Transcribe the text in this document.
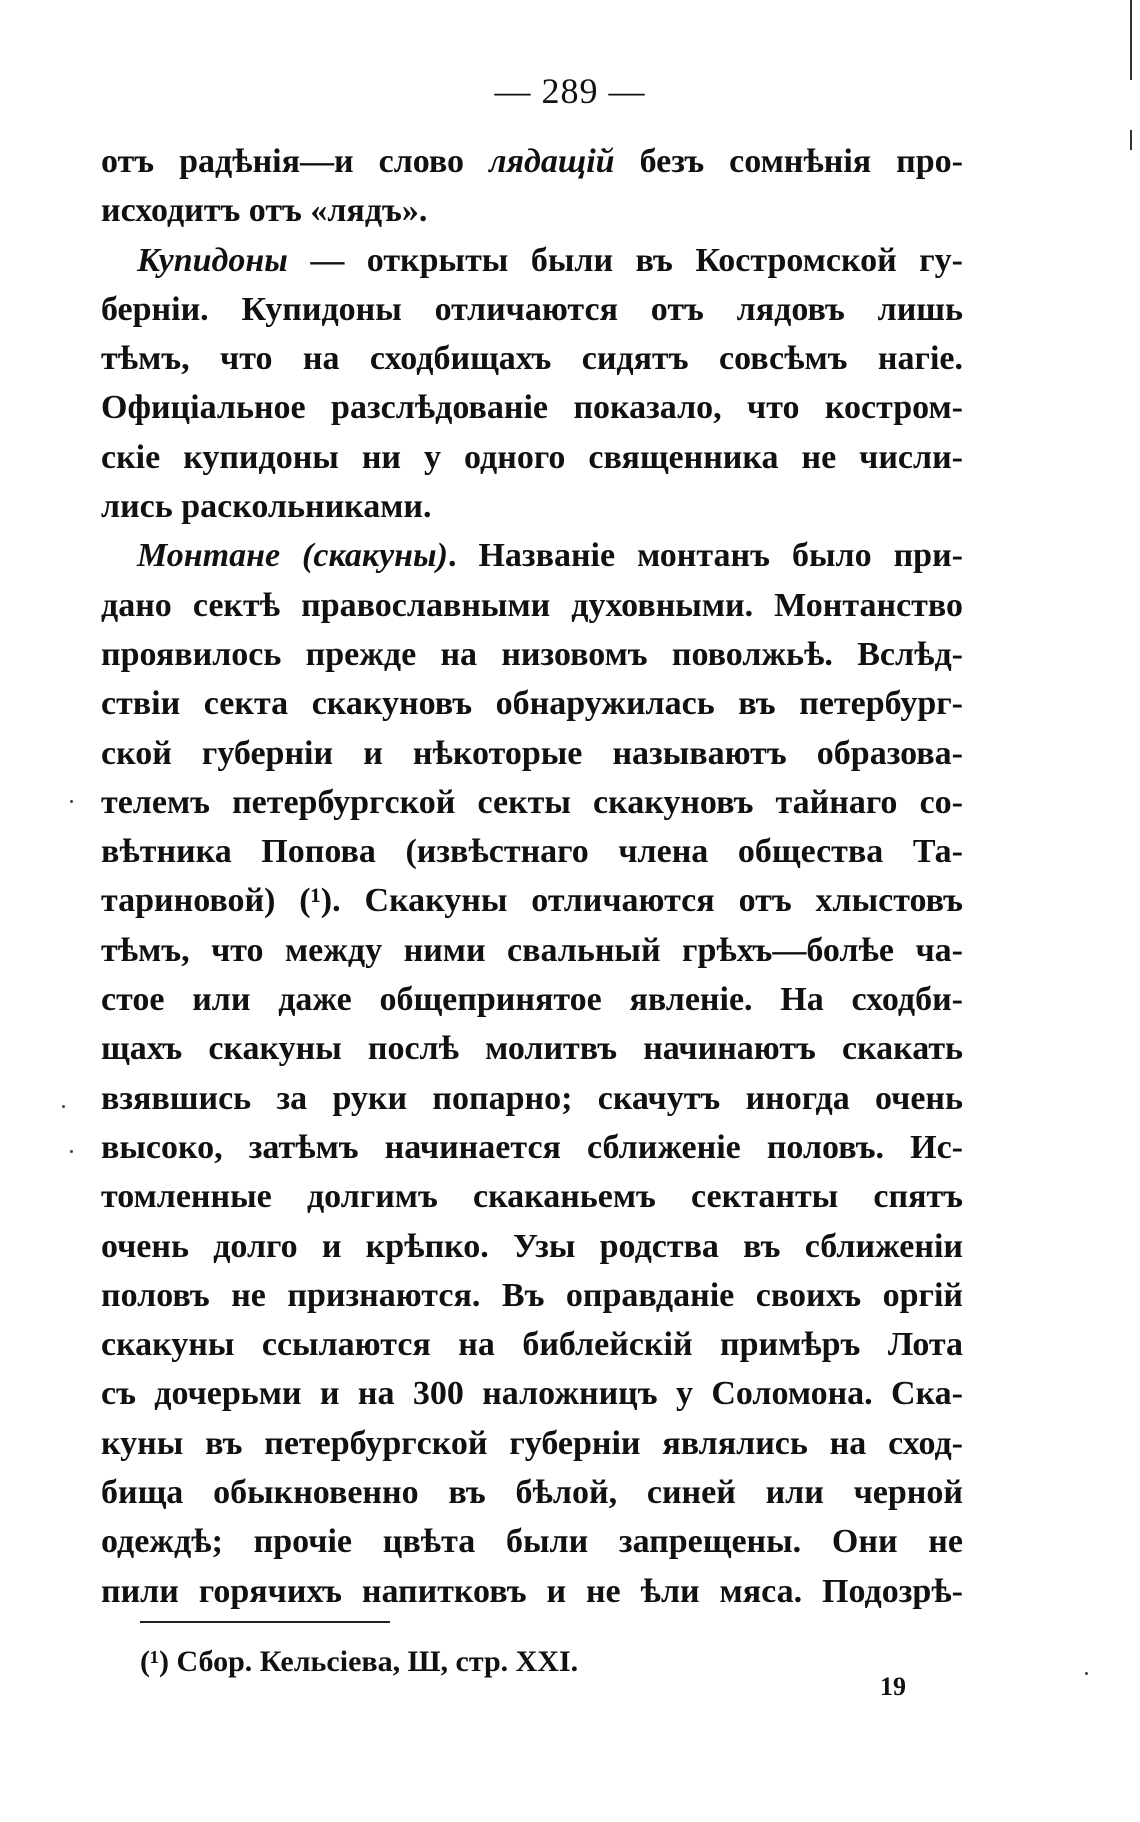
— 289 —
отъ радѣнія—и слово лядащій безъ сомнѣнія про-
исходитъ отъ «лядъ».
Купидоны — открыты были въ Костромской гу-
берніи. Купидоны отличаются отъ лядовъ лишь
тѣмъ, что на сходбищахъ сидятъ совсѣмъ нагіе.
Офиціальное разслѣдованіе показало, что костром-
скіе купидоны ни у одного священника не числи-
лись раскольниками.
Монтане (скакуны). Названіе монтанъ было при-
дано сектѣ православными духовными. Монтанство
проявилось прежде на низовомъ поволжьѣ. Вслѣд-
ствіи секта скакуновъ обнаружилась въ петербург-
ской губерніи и нѣкоторые называютъ образова-
телемъ петербургской секты скакуновъ тайнаго со-
вѣтника Попова (извѣстнаго члена общества Та-
тариновой) (¹). Скакуны отличаются отъ хлыстовъ
тѣмъ, что между ними свальный грѣхъ—болѣе ча-
стое или даже общепринятое явленіе. На сходби-
щахъ скакуны послѣ молитвъ начинаютъ скакать
взявшись за руки попарно; скачутъ иногда очень
высоко, затѣмъ начинается сближеніе половъ. Ис-
томленные долгимъ скаканьемъ сектанты спятъ
очень долго и крѣпко. Узы родства въ сближеніи
половъ не признаются. Въ оправданіе своихъ оргій
скакуны ссылаются на библейскій примѣръ Лота
съ дочерьми и на 300 наложницъ у Соломона. Ска-
куны въ петербургской губерніи являлись на сход-
бища обыкновенно въ бѣлой, синей или черной
одеждѣ; прочіе цвѣта были запрещены. Они не
пили горячихъ напитковъ и не ѣли мяса. Подозрѣ-
(¹) Сбор. Кельсіева, Ш, стр. XXI.
19
